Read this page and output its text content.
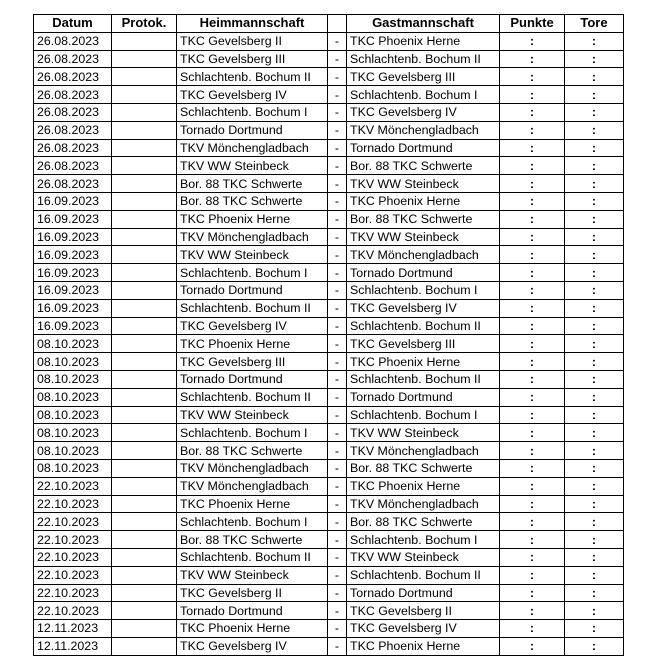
Datum	Protok.	Heimmannschaft		Gastmannschaft	Punkte	Tore
26.08.2023		TKC Gevelsberg II	-	TKC Phoenix Herne	:	:
26.08.2023		TKC Gevelsberg III	-	Schlachtenb. Bochum II	:	:
26.08.2023		Schlachtenb. Bochum II	-	TKC Gevelsberg III	:	:
26.08.2023		TKC Gevelsberg IV	-	Schlachtenb. Bochum I	:	:
26.08.2023		Schlachtenb. Bochum I	-	TKC Gevelsberg IV	:	:
26.08.2023		Tornado Dortmund	-	TKV Mönchengladbach	:	:
26.08.2023		TKV Mönchengladbach	-	Tornado Dortmund	:	:
26.08.2023		TKV WW Steinbeck	-	Bor. 88 TKC Schwerte	:	:
26.08.2023		Bor. 88 TKC Schwerte	-	TKV WW Steinbeck	:	:
16.09.2023		Bor. 88 TKC Schwerte	-	TKC Phoenix Herne	:	:
16.09.2023		TKC Phoenix Herne	-	Bor. 88 TKC Schwerte	:	:
16.09.2023		TKV Mönchengladbach	-	TKV WW Steinbeck	:	:
16.09.2023		TKV WW Steinbeck	-	TKV Mönchengladbach	:	:
16.09.2023		Schlachtenb. Bochum I	-	Tornado Dortmund	:	:
16.09.2023		Tornado Dortmund	-	Schlachtenb. Bochum I	:	:
16.09.2023		Schlachtenb. Bochum II	-	TKC Gevelsberg IV	:	:
16.09.2023		TKC Gevelsberg IV	-	Schlachtenb. Bochum II	:	:
08.10.2023		TKC Phoenix Herne	-	TKC Gevelsberg III	:	:
08.10.2023		TKC Gevelsberg III	-	TKC Phoenix Herne	:	:
08.10.2023		Tornado Dortmund	-	Schlachtenb. Bochum II	:	:
08.10.2023		Schlachtenb. Bochum II	-	Tornado Dortmund	:	:
08.10.2023		TKV WW Steinbeck	-	Schlachtenb. Bochum I	:	:
08.10.2023		Schlachtenb. Bochum I	-	TKV WW Steinbeck	:	:
08.10.2023		Bor. 88 TKC Schwerte	-	TKV Mönchengladbach	:	:
08.10.2023		TKV Mönchengladbach	-	Bor. 88 TKC Schwerte	:	:
22.10.2023		TKV Mönchengladbach	-	TKC Phoenix Herne	:	:
22.10.2023		TKC Phoenix Herne	-	TKV Mönchengladbach	:	:
22.10.2023		Schlachtenb. Bochum I	-	Bor. 88 TKC Schwerte	:	:
22.10.2023		Bor. 88 TKC Schwerte	-	Schlachtenb. Bochum I	:	:
22.10.2023		Schlachtenb. Bochum II	-	TKV WW Steinbeck	:	:
22.10.2023		TKV WW Steinbeck	-	Schlachtenb. Bochum II	:	:
22.10.2023		TKC Gevelsberg II	-	Tornado Dortmund	:	:
22.10.2023		Tornado Dortmund	-	TKC Gevelsberg II	:	:
12.11.2023		TKC Phoenix Herne	-	TKC Gevelsberg IV	:	:
12.11.2023		TKC Gevelsberg IV	-	TKC Phoenix Herne	:	:
